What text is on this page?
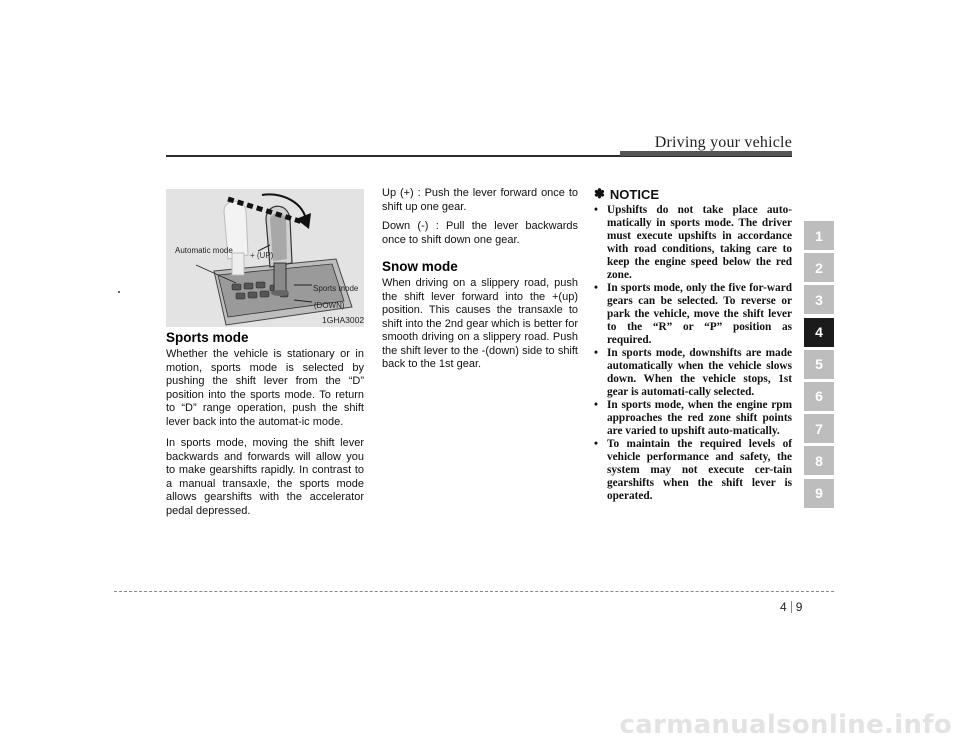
Driving your vehicle
Automatic mode
+ (UP)
Sports mode
- (DOWN)
1GHA3002
Sports mode

Whether the vehicle is stationary or in motion, sports mode is selected by pushing the shift lever from the “D” position into the sports mode. To return to “D” range operation, push the shift lever back into the automat-ic mode.

In sports mode, moving the shift lever backwards and forwards will allow you to make gearshifts rapidly. In contrast to a manual transaxle, the sports mode allows gearshifts with the accelerator pedal depressed.

Up (+) : Push the lever forward once to shift up one gear.

Down (-) : Pull the lever backwards once to shift down one gear.

Snow mode

When driving on a slippery road, push the shift lever forward into the +(up) position. This causes the transaxle to shift into the 2nd gear which is better for smooth driving on a slippery road. Push the shift lever to the -(down) side to shift back to the 1st gear.

✽ NOTICE
• Upshifts do not take place auto-matically in sports mode. The driver must execute upshifts in accordance with road conditions, taking care to keep the engine speed below the red zone.
• In sports mode, only the five for-ward gears can be selected. To reverse or park the vehicle, move the shift lever to the “R” or “P” position as required.
• In sports mode, downshifts are made automatically when the vehicle slows down. When the vehicle stops, 1st gear is automati-cally selected.
• In sports mode, when the engine rpm approaches the red zone shift points are varied to upshift auto-matically.
• To maintain the required levels of vehicle performance and safety, the system may not execute cer-tain gearshifts when the shift lever is operated.
1
2
3
4
5
6
7
8
9
4 9
carmanualsonline.info
